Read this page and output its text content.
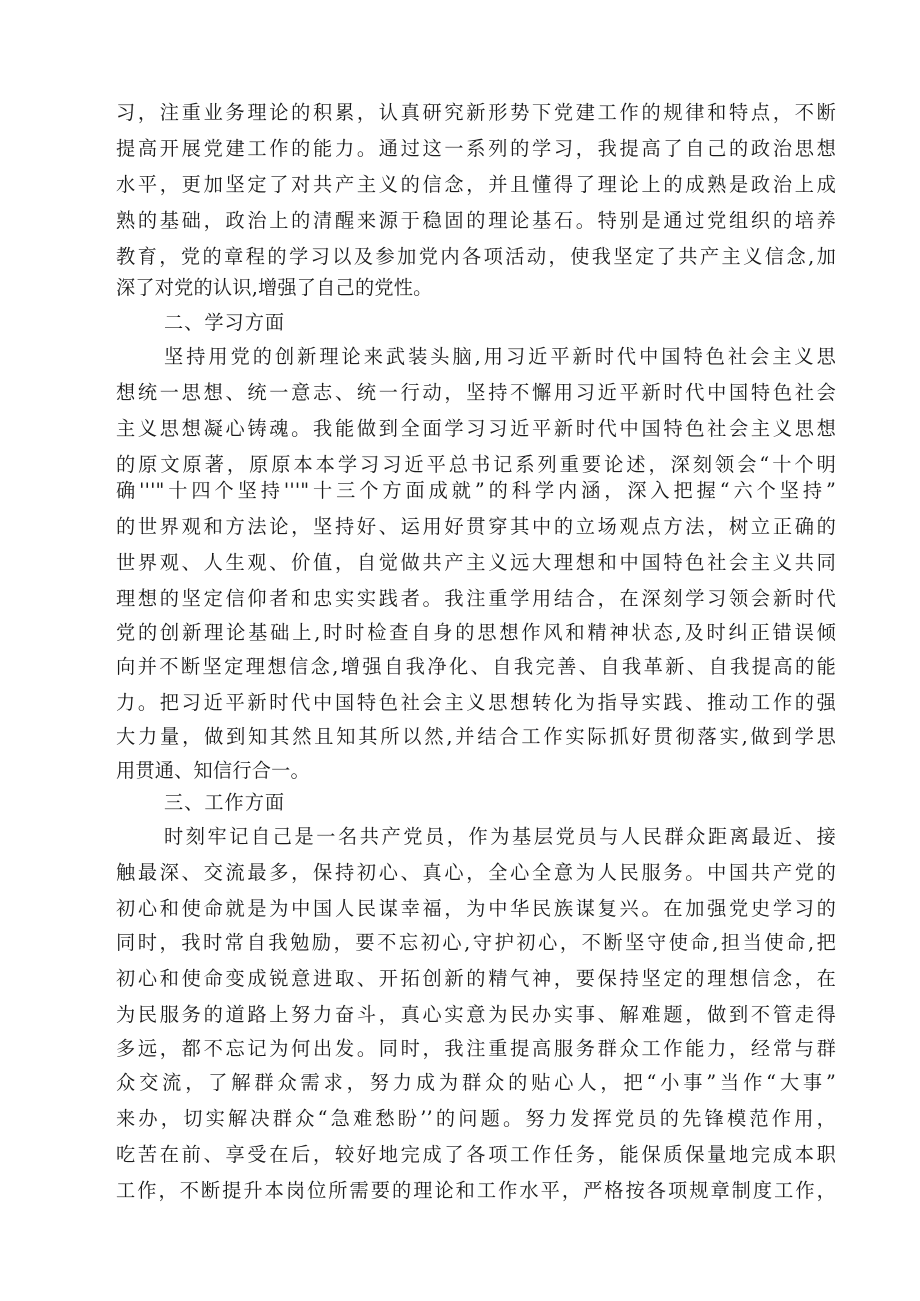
习，注重业务理论的积累，认真研究新形势下党建工作的规律和特点，不断
提高开展党建工作的能力。通过这一系列的学习，我提高了自己的政治思想
水平，更加坚定了对共产主义的信念，并且懂得了理论上的成熟是政治上成
熟的基础，政治上的清醒来源于稳固的理论基石。特别是通过党组织的培养
教育，党的章程的学习以及参加党内各项活动，使我坚定了共产主义信念,加
深了对党的认识,增强了自己的党性。
二、学习方面
坚持用党的创新理论来武装头脑,用习近平新时代中国特色社会主义思
想统一思想、统一意志、统一行动，坚持不懈用习近平新时代中国特色社会
主义思想凝心铸魂。我能做到全面学习习近平新时代中国特色社会主义思想
的原文原著，原原本本学习习近平总书记系列重要论述，深刻领会“十个明
确'''"十四个坚持'''"十三个方面成就”的科学内涵，深入把握“六个坚持”
的世界观和方法论，坚持好、运用好贯穿其中的立场观点方法，树立正确的
世界观、人生观、价值，自觉做共产主义远大理想和中国特色社会主义共同
理想的坚定信仰者和忠实实践者。我注重学用结合，在深刻学习领会新时代
党的创新理论基础上,时时检查自身的思想作风和精神状态,及时纠正错误倾
向并不断坚定理想信念,增强自我净化、自我完善、自我革新、自我提高的能
力。把习近平新时代中国特色社会主义思想转化为指导实践、推动工作的强
大力量，做到知其然且知其所以然,并结合工作实际抓好贯彻落实,做到学思
用贯通、知信行合一。
三、工作方面
时刻牢记自己是一名共产党员，作为基层党员与人民群众距离最近、接
触最深、交流最多，保持初心、真心，全心全意为人民服务。中国共产党的
初心和使命就是为中国人民谋幸福，为中华民族谋复兴。在加强党史学习的
同时，我时常自我勉励，要不忘初心,守护初心，不断坚守使命,担当使命,把
初心和使命变成锐意进取、开拓创新的精气神，要保持坚定的理想信念，在
为民服务的道路上努力奋斗，真心实意为民办实事、解难题，做到不管走得
多远，都不忘记为何出发。同时，我注重提高服务群众工作能力，经常与群
众交流，了解群众需求，努力成为群众的贴心人，把“小事”当作“大事”
来办，切实解决群众“急难愁盼’’的问题。努力发挥党员的先锋模范作用，
吃苦在前、享受在后，较好地完成了各项工作任务，能保质保量地完成本职
工作，不断提升本岗位所需要的理论和工作水平，严格按各项规章制度工作，
